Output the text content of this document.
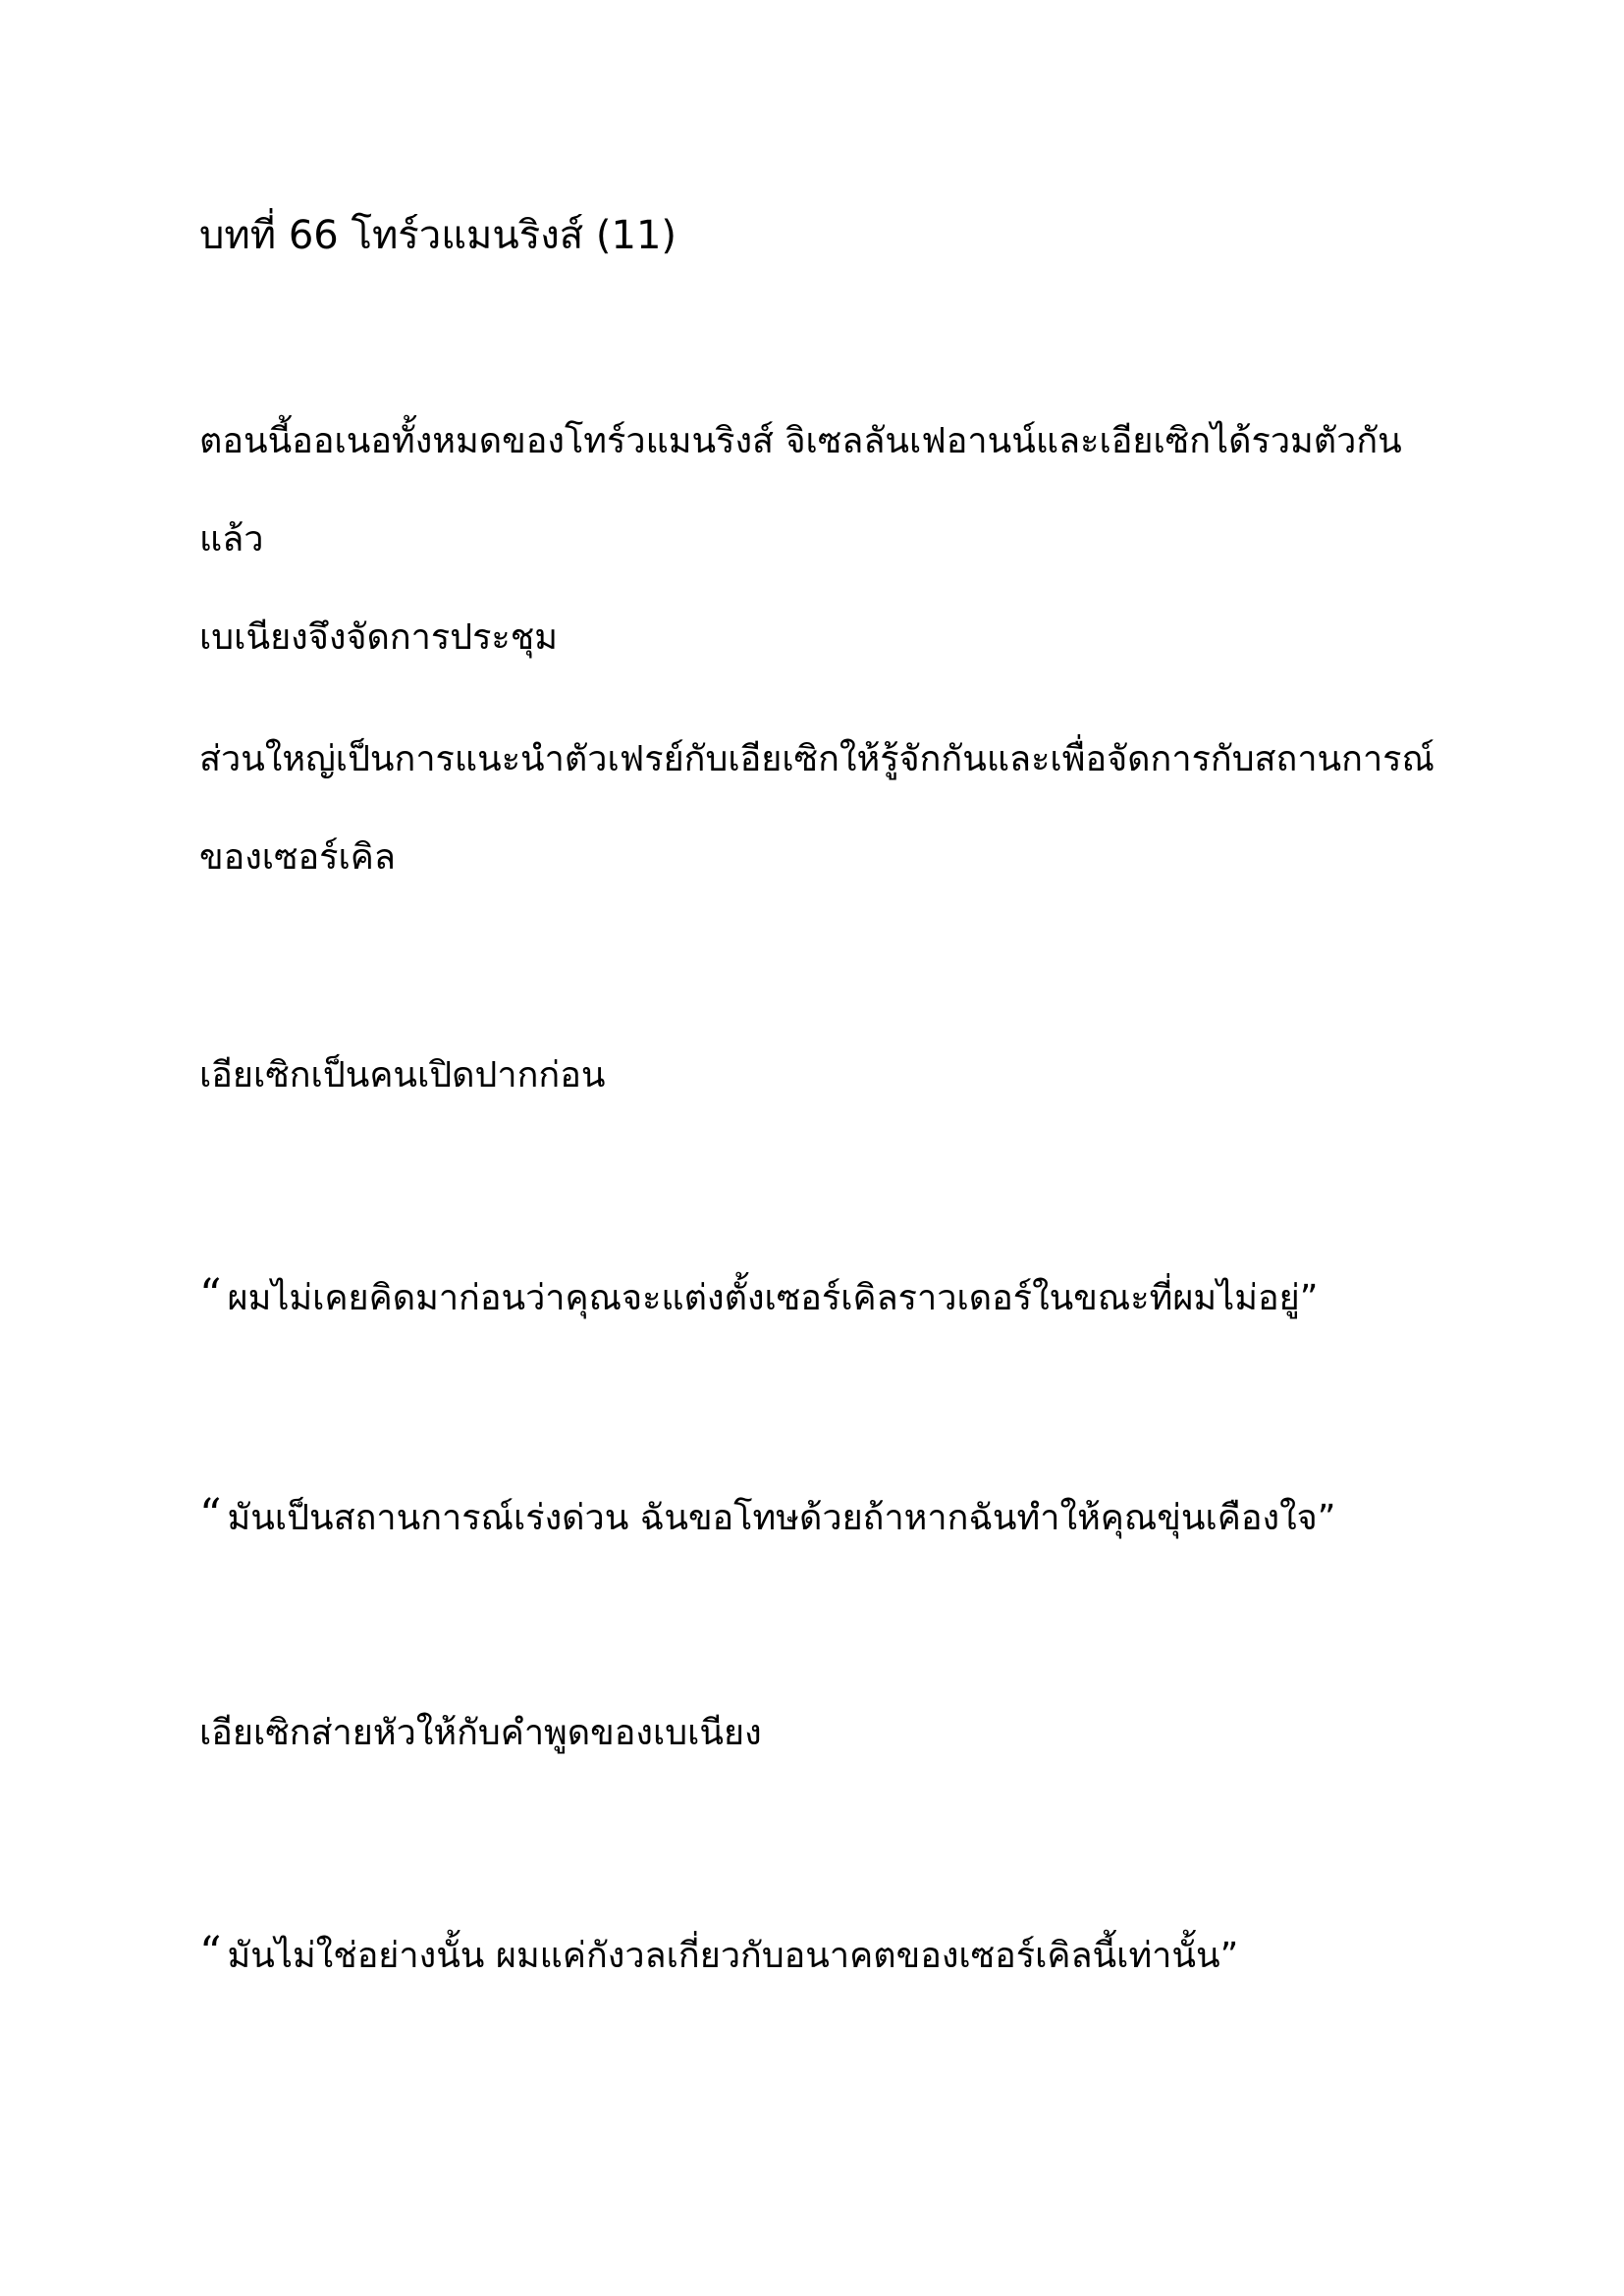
บทที่ 66 โทร์วแมนริงส์ (11)

ตอนนี้ออเนอทั้งหมดของโทร์วแมนริงส์ จิเซลลันเฟอานน์และเอียเซิกได้รวมตัวกันแล้ว
เบเนียงจึงจัดการประชุม

ส่วนใหญ่เป็นการแนะนำตัวเฟรย์กับเอียเซิกให้รู้จักกันและเพื่อจัดการกับสถานการณ์
ของเซอร์เคิล

เอียเซิกเป็นคนเปิดปากก่อน

“ ผมไม่เคยคิดมาก่อนว่าคุณจะแต่งตั้งเซอร์เคิลราวเดอร์ในขณะที่ผมไม่อยู่”

“ มันเป็นสถานการณ์เร่งด่วน ฉันขอโทษด้วยถ้าหากฉันทำให้คุณขุ่นเคืองใจ”

เอียเซิกส่ายหัวให้กับคำพูดของเบเนียง

“ มันไม่ใช่อย่างนั้น ผมแค่กังวลเกี่ยวกับอนาคตของเซอร์เคิลนี้เท่านั้น”
